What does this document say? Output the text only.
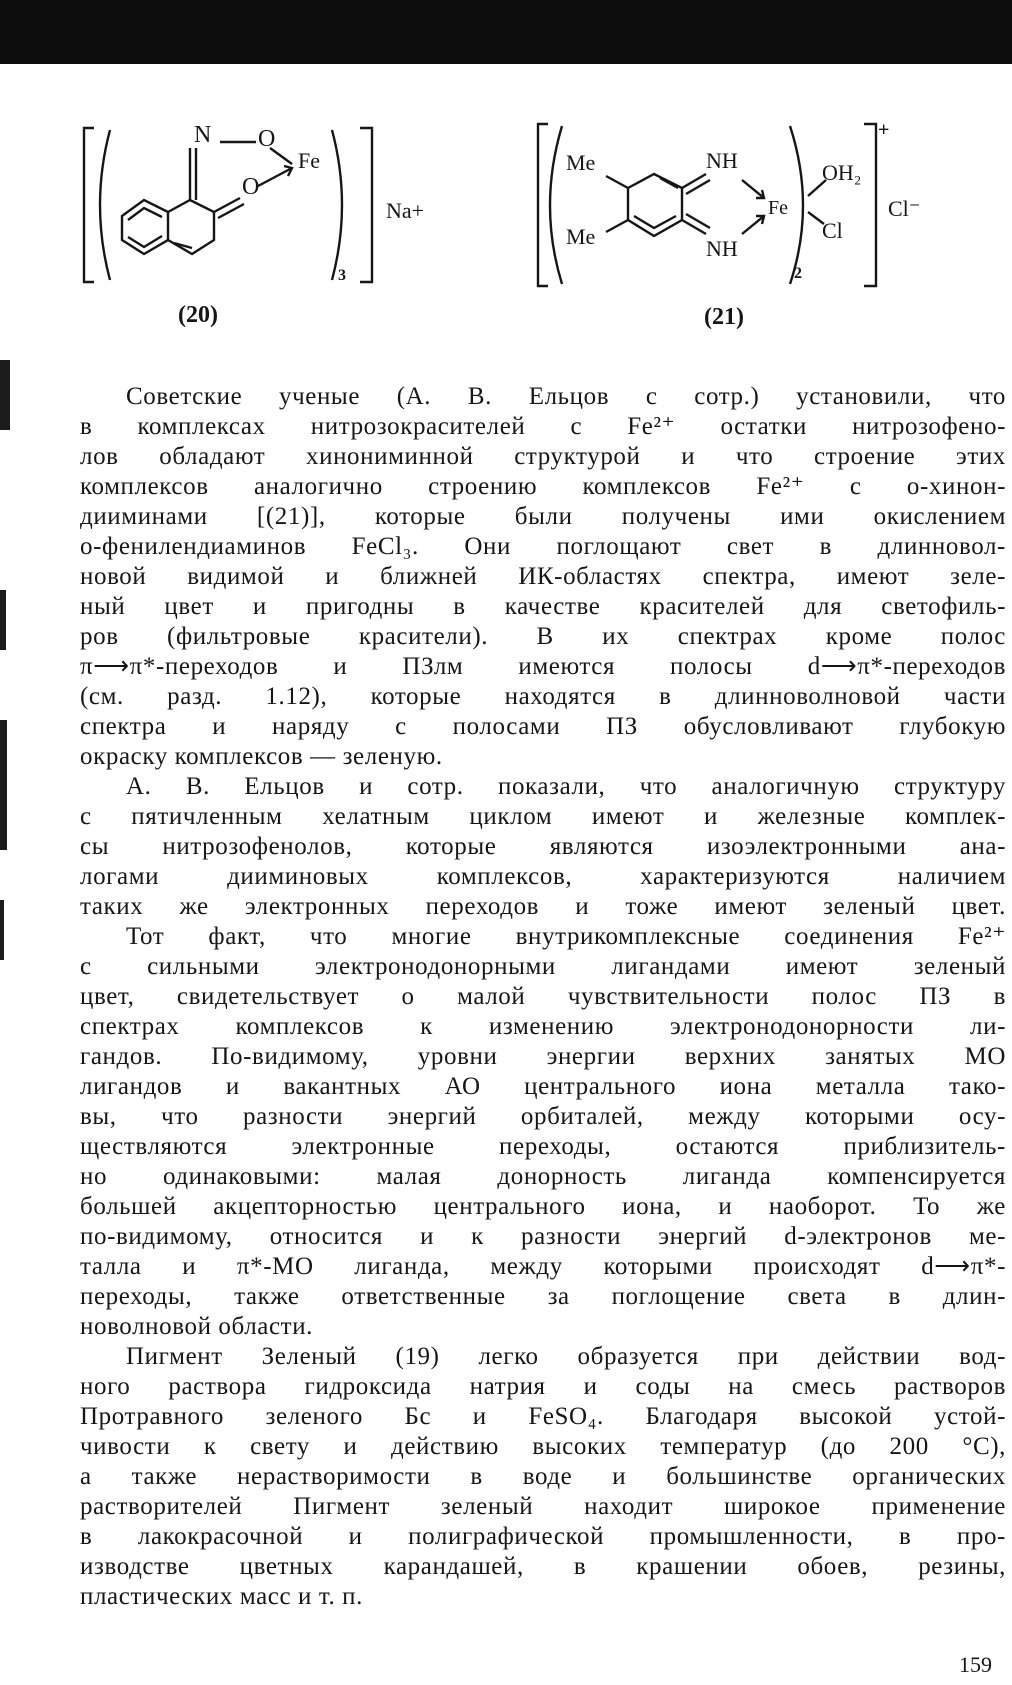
N O
O
Fe
3
Na+
(20)
Me
Me
NH
NH
Fe
OH₂
Cl
2
+
Cl⁻
(21)
Советские ученые (А. В. Ельцов с сотр.) установили, что
в комплексах нитрозокрасителей с Fe²⁺ остатки нитрозофено-
лов обладают хинониминной структурой и что строение этих
комплексов аналогично строению комплексов Fe²⁺ с о-хинон-
дииминами [(21)], которые были получены ими окислением
о-фенилендиаминов FeCl₃. Они поглощают свет в длинновол-
новой видимой и ближней ИК-областях спектра, имеют зеле-
ный цвет и пригодны в качестве красителей для светофиль-
ров (фильтровые красители). В их спектрах кроме полос
π⟶π*-переходов и ПЗлм имеются полосы d⟶π*-переходов
(см. разд. 1.12), которые находятся в длинноволновой части
спектра и наряду с полосами ПЗ обусловливают глубокую
окраску комплексов — зеленую.
А. В. Ельцов и сотр. показали, что аналогичную структуру
с пятичленным хелатным циклом имеют и железные комплек-
сы нитрозофенолов, которые являются изоэлектронными ана-
логами дииминовых комплексов, характеризуются наличием
таких же электронных переходов и тоже имеют зеленый цвет.
Тот факт, что многие внутрикомплексные соединения Fe²⁺
с сильными электронодонорными лигандами имеют зеленый
цвет, свидетельствует о малой чувствительности полос ПЗ в
спектрах комплексов к изменению электронодонорности ли-
гандов. По-видимому, уровни энергии верхних занятых МО
лигандов и вакантных АО центрального иона металла тако-
вы, что разности энергий орбиталей, между которыми осу-
ществляются электронные переходы, остаются приблизитель-
но одинаковыми: малая донорность лиганда компенсируется
большей акцепторностью центрального иона, и наоборот. То же
по-видимому, относится и к разности энергий d-электронов ме-
талла и π*-МО лиганда, между которыми происходят d⟶π*-
переходы, также ответственные за поглощение света в длин-
новолновой области.
Пигмент Зеленый (19) легко образуется при действии вод-
ного раствора гидроксида натрия и соды на смесь растворов
Протравного зеленого Бс и FeSO₄. Благодаря высокой устой-
чивости к свету и действию высоких температур (до 200 °С),
а также нерастворимости в воде и большинстве органических
растворителей Пигмент зеленый находит широкое применение
в лакокрасочной и полиграфической промышленности, в про-
изводстве цветных карандашей, в крашении обоев, резины,
пластических масс и т. п.
159
